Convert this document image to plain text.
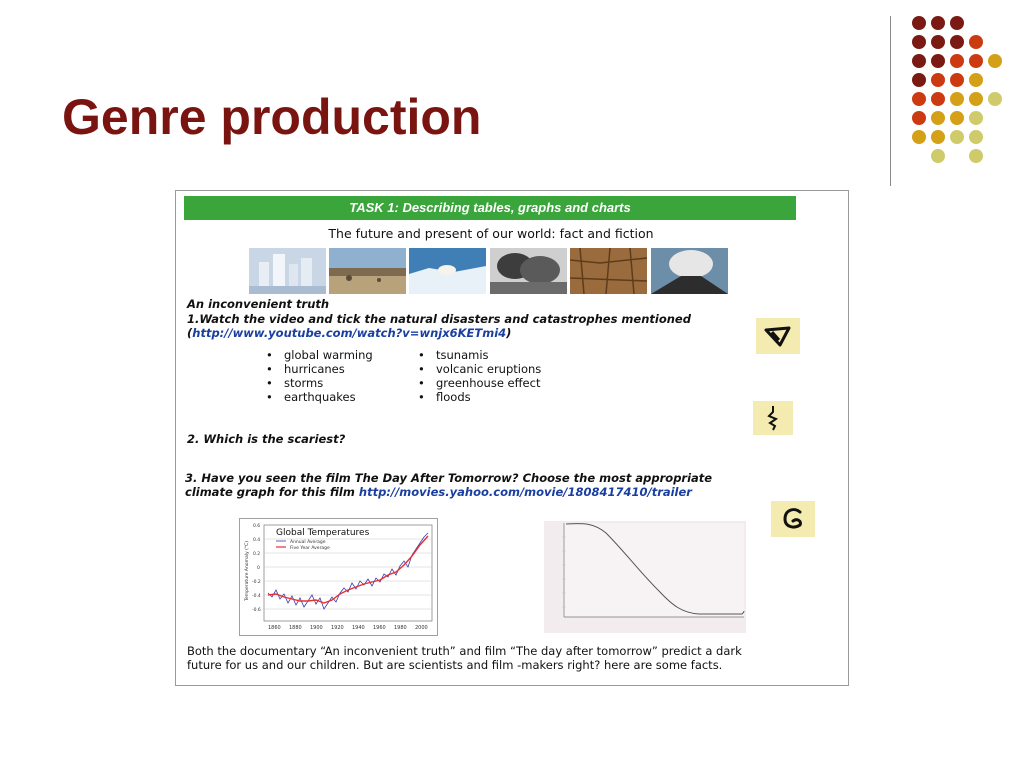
Genre production
TASK 1: Describing tables, graphs and charts
The future and present of our world: fact and fiction
An inconvenient truth
1.Watch the video and tick the natural disasters and catastrophes mentioned
(http://www.youtube.com/watch?v=wnjx6KETmi4)
• global warming
• hurricanes
• storms
• earthquakes
• tsunamis
• volcanic eruptions
• greenhouse effect
• floods
2. Which is the scariest?
3. Have you seen the film The Day After Tomorrow? Choose the most appropriate
climate graph for this film http://movies.yahoo.com/movie/1808417410/trailer
Global Temperatures
Annual Average
Five Year Average
Temperature Anomaly (°C)
0.6
0.4
0.2
0
-0.2
-0.4
-0.6
1860 1880 1900 1920 1940 1960 1980 2000
Both the documentary “An inconvenient truth” and film “The day after tomorrow” predict a dark
future for us and our children. But are scientists and film -makers right? here are some facts.
